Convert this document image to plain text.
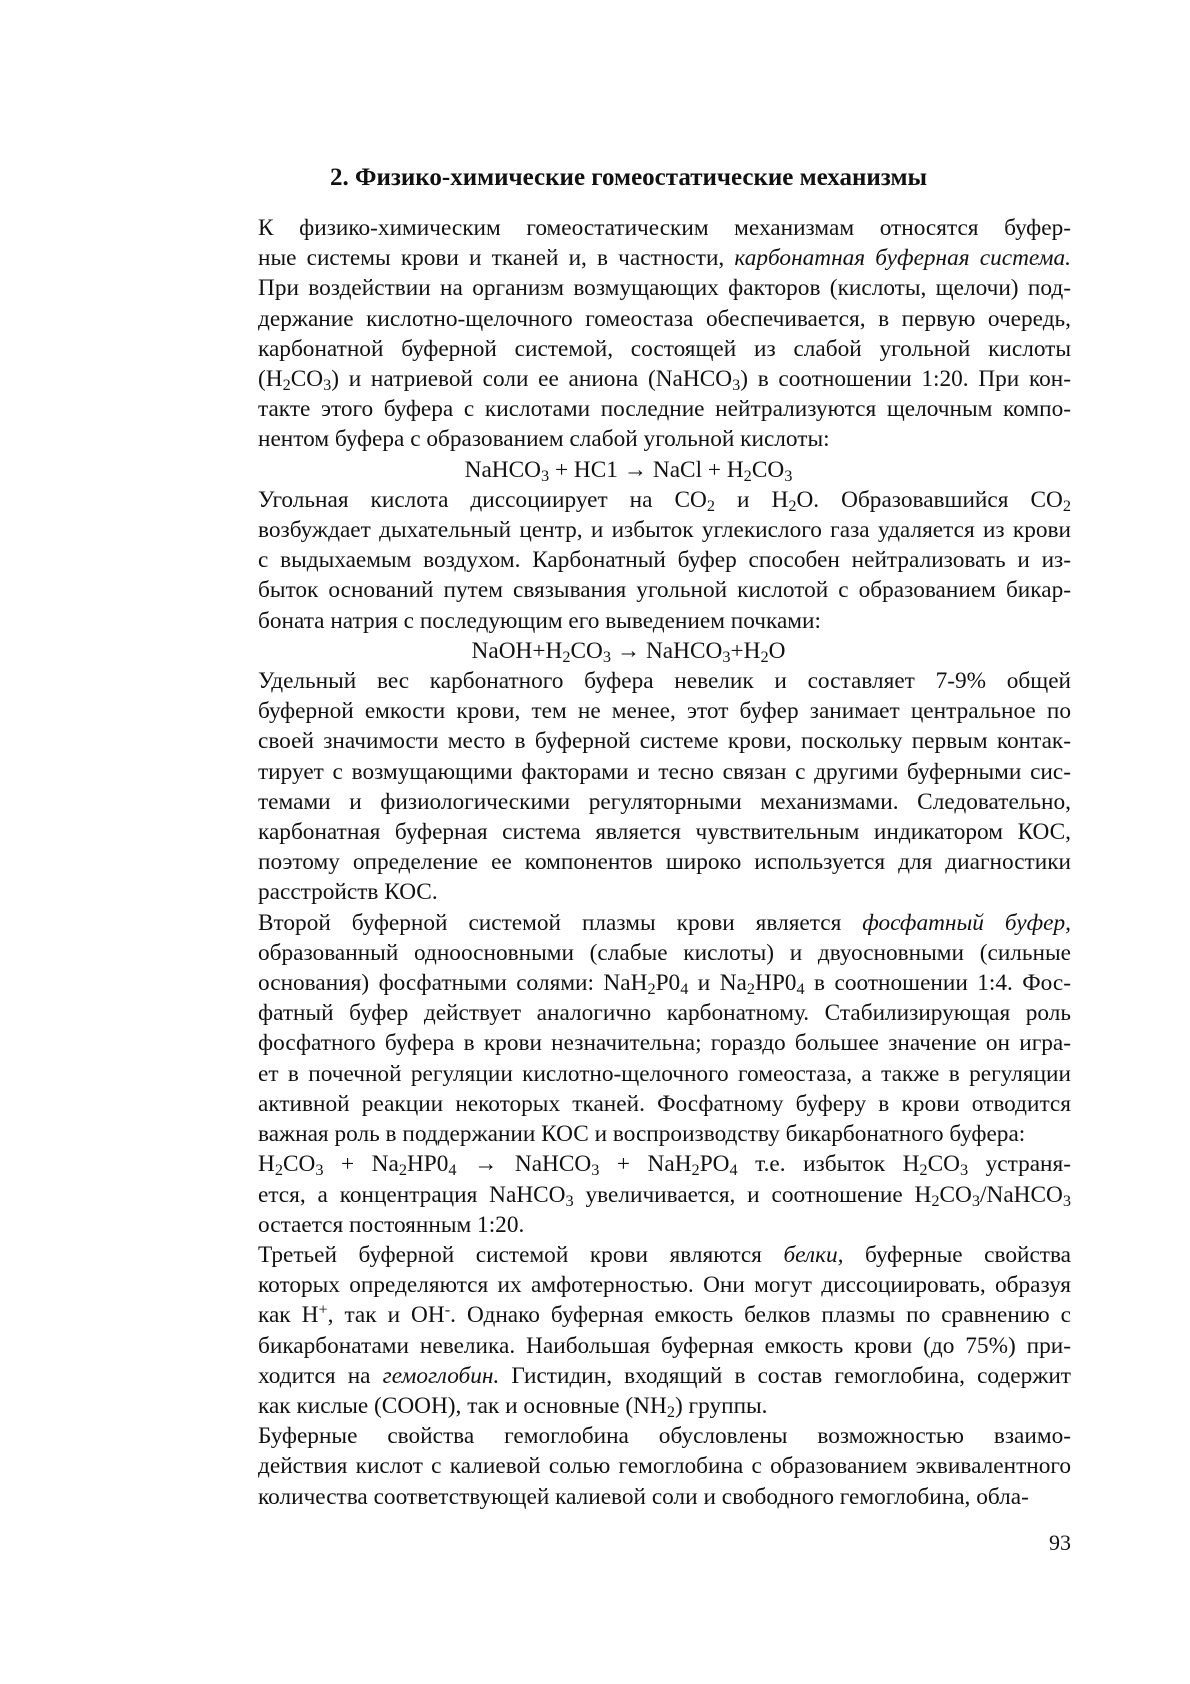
2. Физико-химические гомеостатические механизмы
К физико-химическим гомеостатическим механизмам относятся буфер-
ные системы крови и тканей и, в частности, карбонатная буферная система.
При воздействии на организм возмущающих факторов (кислоты, щелочи) под-
держание кислотно-щелочного гомеостаза обеспечивается, в первую очередь,
карбонатной буферной системой, состоящей из слабой угольной кислоты
$(H_2CO_3)$ и натриевой соли ее аниона (NaHCO$_3$) в соотношении 1:20. При кон-
такте этого буфера с кислотами последние нейтрализуются щелочным компо-
нентом буфера с образованием слабой угольной кислоты:
NaHCO$_3$ + HC1 → NaCl + $H_2CO_3$
Угольная кислота диссоциирует на $CO_2$ и $H_2O$. Образовавшийся $CO_2$
возбуждает дыхательный центр, и избыток углекислого газа удаляется из крови
с выдыхаемым воздухом. Карбонатный буфер способен нейтрализовать и из-
быток оснований путем связывания угольной кислотой с образованием бикар-
боната натрия с последующим его выведением почками:
$NaOH+H_2CO_3$ → $NaHCO_3+H_2O$
Удельный вес карбонатного буфера невелик и составляет 7-9% общей
буферной емкости крови, тем не менее, этот буфер занимает центральное по
своей значимости место в буферной системе крови, поскольку первым контак-
тирует с возмущающими факторами и тесно связан с другими буферными сис-
темами и физиологическими регуляторными механизмами. Следовательно,
карбонатная буферная система является чувствительным индикатором КОС,
поэтому определение ее компонентов широко используется для диагностики
расстройств КОС.
Второй буферной системой плазмы крови является фосфатный буфер,
образованный одноосновными (слабые кислоты) и двуосновными (сильные
основания) фосфатными солями: $NaH_2P0_4$ и $Na_2HP0_4$ в соотношении 1:4. Фос-
фатный буфер действует аналогично карбонатному. Стабилизирующая роль
фосфатного буфера в крови незначительна; гораздо большее значение он игра-
ет в почечной регуляции кислотно-щелочного гомеостаза, а также в регуляции
активной реакции некоторых тканей. Фосфатному буферу в крови отводится
важная роль в поддержании КОС и воспроизводству бикарбонатного буфера:
$H_2CO_3 + Na_2HP0_4$ → NaHCO$_3$ + $NaH_2PO_4$ т.е. избыток $H_2CO_3$ устраня-
ется, а концентрация NaHCO$_3$ увеличивается, и соотношение $H_2CO_3/NaHCO_3$
остается постоянным 1:20.
Третьей буферной системой крови являются белки, буферные свойства
которых определяются их амфотерностью. Они могут диссоциировать, образуя
как H+, так и OH-. Однако буферная емкость белков плазмы по сравнению с
бикарбонатами невелика. Наибольшая буферная емкость крови (до 75%) при-
ходится на гемоглобин. Гистидин, входящий в состав гемоглобина, содержит
как кислые (COOH), так и основные $(NH_2)$ группы.
Буферные свойства гемоглобина обусловлены возможностью взаимо-
действия кислот с калиевой солью гемоглобина с образованием эквивалентного
количества соответствующей калиевой соли и свободного гемоглобина, обла-
93
